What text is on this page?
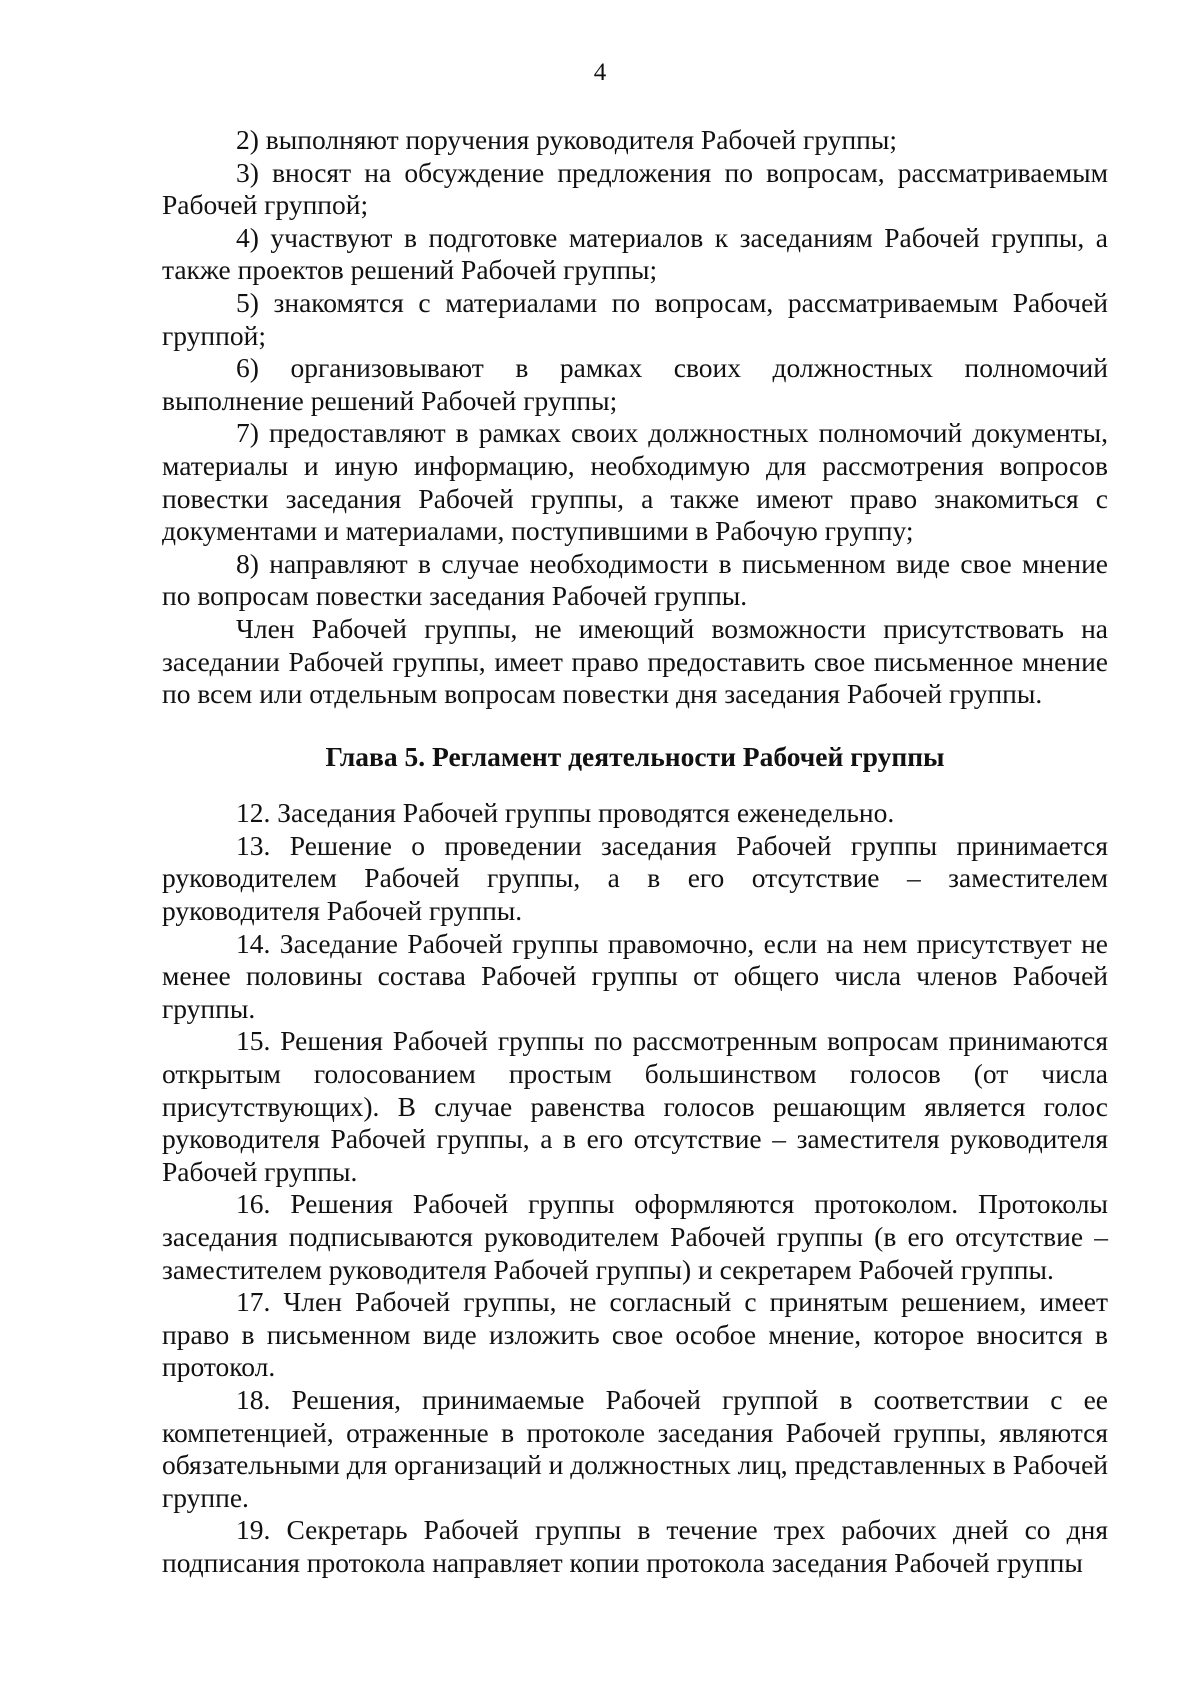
4

2) выполняют поручения руководителя Рабочей группы;

3) вносят на обсуждение предложения по вопросам, рассматриваемым Рабочей группой;

4) участвуют в подготовке материалов к заседаниям Рабочей группы, а также проектов решений Рабочей группы;

5) знакомятся с материалами по вопросам, рассматриваемым Рабочей группой;

6) организовывают в рамках своих должностных полномочий выполнение решений Рабочей группы;

7) предоставляют в рамках своих должностных полномочий документы, материалы и иную информацию, необходимую для рассмотрения вопросов повестки заседания Рабочей группы, а также имеют право знакомиться с документами и материалами, поступившими в Рабочую группу;

8) направляют в случае необходимости в письменном виде свое мнение по вопросам повестки заседания Рабочей группы.

Член Рабочей группы, не имеющий возможности присутствовать на заседании Рабочей группы, имеет право предоставить свое письменное мнение по всем или отдельным вопросам повестки дня заседания Рабочей группы.

Глава 5. Регламент деятельности Рабочей группы

12. Заседания Рабочей группы проводятся еженедельно.

13. Решение о проведении заседания Рабочей группы принимается руководителем Рабочей группы, а в его отсутствие – заместителем руководителя Рабочей группы.

14. Заседание Рабочей группы правомочно, если на нем присутствует не менее половины состава Рабочей группы от общего числа членов Рабочей группы.

15. Решения Рабочей группы по рассмотренным вопросам принимаются открытым голосованием простым большинством голосов (от числа присутствующих). В случае равенства голосов решающим является голос руководителя Рабочей группы, а в его отсутствие – заместителя руководителя Рабочей группы.

16. Решения Рабочей группы оформляются протоколом. Протоколы заседания подписываются руководителем Рабочей группы (в его отсутствие – заместителем руководителя Рабочей группы) и секретарем Рабочей группы.

17. Член Рабочей группы, не согласный с принятым решением, имеет право в письменном виде изложить свое особое мнение, которое вносится в протокол.

18. Решения, принимаемые Рабочей группой в соответствии с ее компетенцией, отраженные в протоколе заседания Рабочей группы, являются обязательными для организаций и должностных лиц, представленных в Рабочей группе.

19. Секретарь Рабочей группы в течение трех рабочих дней со дня подписания протокола направляет копии протокола заседания Рабочей группы
